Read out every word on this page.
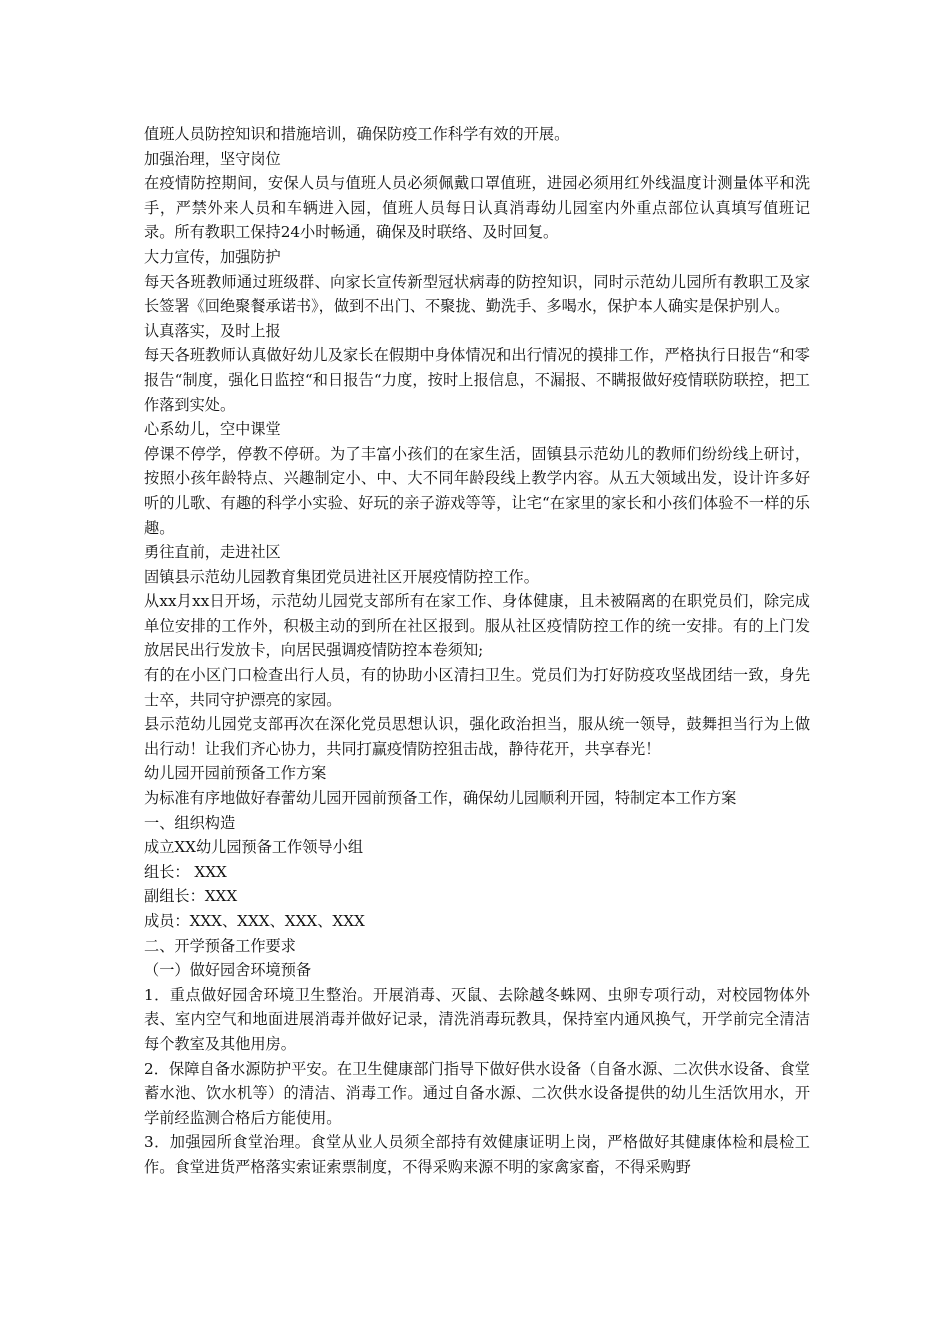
值班人员防控知识和措施培训，确保防疫工作科学有效的开展。

加强治理，坚守岗位

在疫情防控期间，安保人员与值班人员必须佩戴口罩值班，进园必须用红外线温度计测量体平和洗手，严禁外来人员和车辆进入园，值班人员每日认真消毒幼儿园室内外重点部位认真填写值班记录。所有教职工保持24小时畅通，确保及时联络、及时回复。

大力宣传，加强防护

每天各班教师通过班级群、向家长宣传新型冠状病毒的防控知识，同时示范幼儿园所有教职工及家长签署《回绝聚餐承诺书》，做到不出门、不聚拢、勤洗手、多喝水，保护本人确实是保护别人。

认真落实，及时上报

每天各班教师认真做好幼儿及家长在假期中身体情况和出行情况的摸排工作，严格执行日报告“和零报告“制度，强化日监控“和日报告“力度，按时上报信息，不漏报、不瞒报做好疫情联防联控，把工作落到实处。

心系幼儿，空中课堂

停课不停学，停教不停研。为了丰富小孩们的在家生活，固镇县示范幼儿的教师们纷纷线上研讨，按照小孩年龄特点、兴趣制定小、中、大不同年龄段线上教学内容。从五大领域出发，设计许多好听的儿歌、有趣的科学小实验、好玩的亲子游戏等等，让宅“在家里的家长和小孩们体验不一样的乐趣。

勇往直前，走进社区

固镇县示范幼儿园教育集团党员进社区开展疫情防控工作。

从xx月xx日开场，示范幼儿园党支部所有在家工作、身体健康，且未被隔离的在职党员们，除完成单位安排的工作外，积极主动的到所在社区报到。服从社区疫情防控工作的统一安排。有的上门发放居民出行发放卡，向居民强调疫情防控本卷须知;

有的在小区门口检查出行人员，有的协助小区清扫卫生。党员们为打好防疫攻坚战团结一致，身先士卒，共同守护漂亮的家园。

县示范幼儿园党支部再次在深化党员思想认识，强化政治担当，服从统一领导，鼓舞担当行为上做出行动！让我们齐心协力，共同打赢疫情防控狙击战，静待花开，共享春光！

幼儿园开园前预备工作方案

为标准有序地做好春蕾幼儿园开园前预备工作，确保幼儿园顺利开园，特制定本工作方案

一、组织构造

成立XX幼儿园预备工作领导小组

组长： XXX

副组长：XXX

成员：XXX、XXX、XXX、XXX

二、开学预备工作要求

（一）做好园舍环境预备

1．重点做好园舍环境卫生整治。开展消毒、灭鼠、去除越冬蛛网、虫卵专项行动，对校园物体外表、室内空气和地面进展消毒并做好记录，清洗消毒玩教具，保持室内通风换气，开学前完全清洁每个教室及其他用房。

2．保障自备水源防护平安。在卫生健康部门指导下做好供水设备（自备水源、二次供水设备、食堂蓄水池、饮水机等）的清洁、消毒工作。通过自备水源、二次供水设备提供的幼儿生活饮用水，开学前经监测合格后方能使用。

3．加强园所食堂治理。食堂从业人员须全部持有效健康证明上岗，严格做好其健康体检和晨检工作。食堂进货严格落实索证索票制度，不得采购来源不明的家禽家畜，不得采购野
